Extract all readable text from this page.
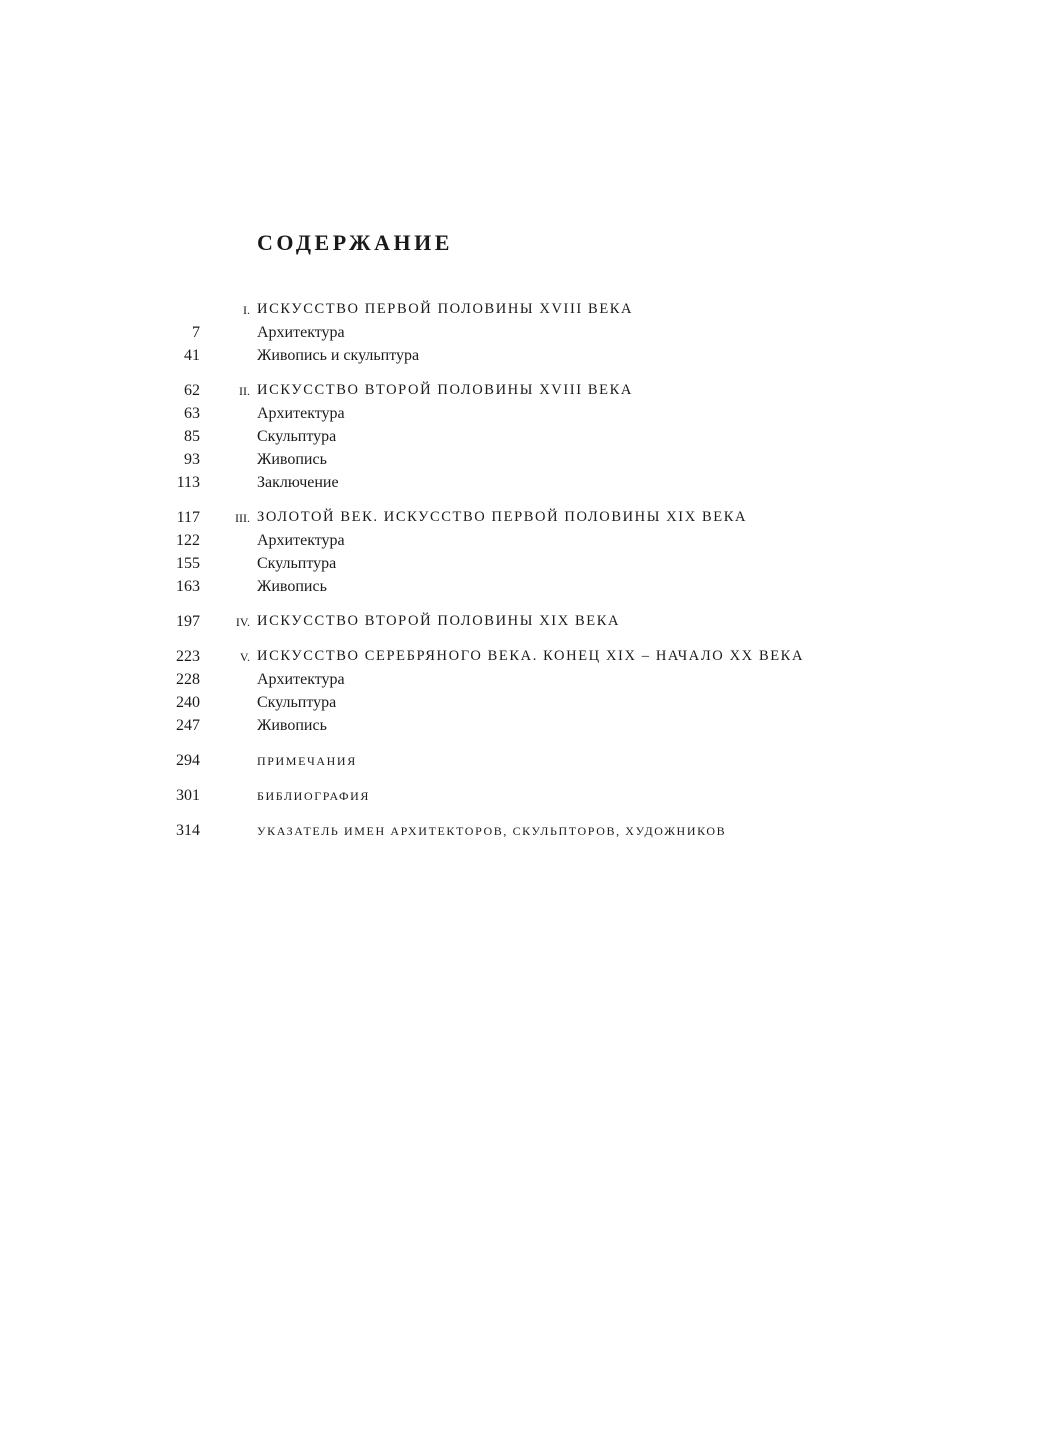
СОДЕРЖАНИЕ
I. ИСКУССТВО ПЕРВОЙ ПОЛОВИНЫ XVIII ВЕКА
7	Архитектура
41	Живопись и скульптура
62	II. ИСКУССТВО ВТОРОЙ ПОЛОВИНЫ XVIII ВЕКА
63	Архитектура
85	Скульптура
93	Живопись
113	Заключение
117	III. ЗОЛОТОЙ ВЕК. ИСКУССТВО ПЕРВОЙ ПОЛОВИНЫ XIX ВЕКА
122	Архитектура
155	Скульптура
163	Живопись
197	IV. ИСКУССТВО ВТОРОЙ ПОЛОВИНЫ XIX ВЕКА
223	V. ИСКУССТВО СЕРЕБРЯНОГО ВЕКА. КОНЕЦ XIX – НАЧАЛО XX ВЕКА
228	Архитектура
240	Скульптура
247	Живопись
294	ПРИМЕЧАНИЯ
301	БИБЛИОГРАФИЯ
314	УКАЗАТЕЛЬ ИМЕН АРХИТЕКТОРОВ, СКУЛЬПТОРОВ, ХУДОЖНИКОВ
